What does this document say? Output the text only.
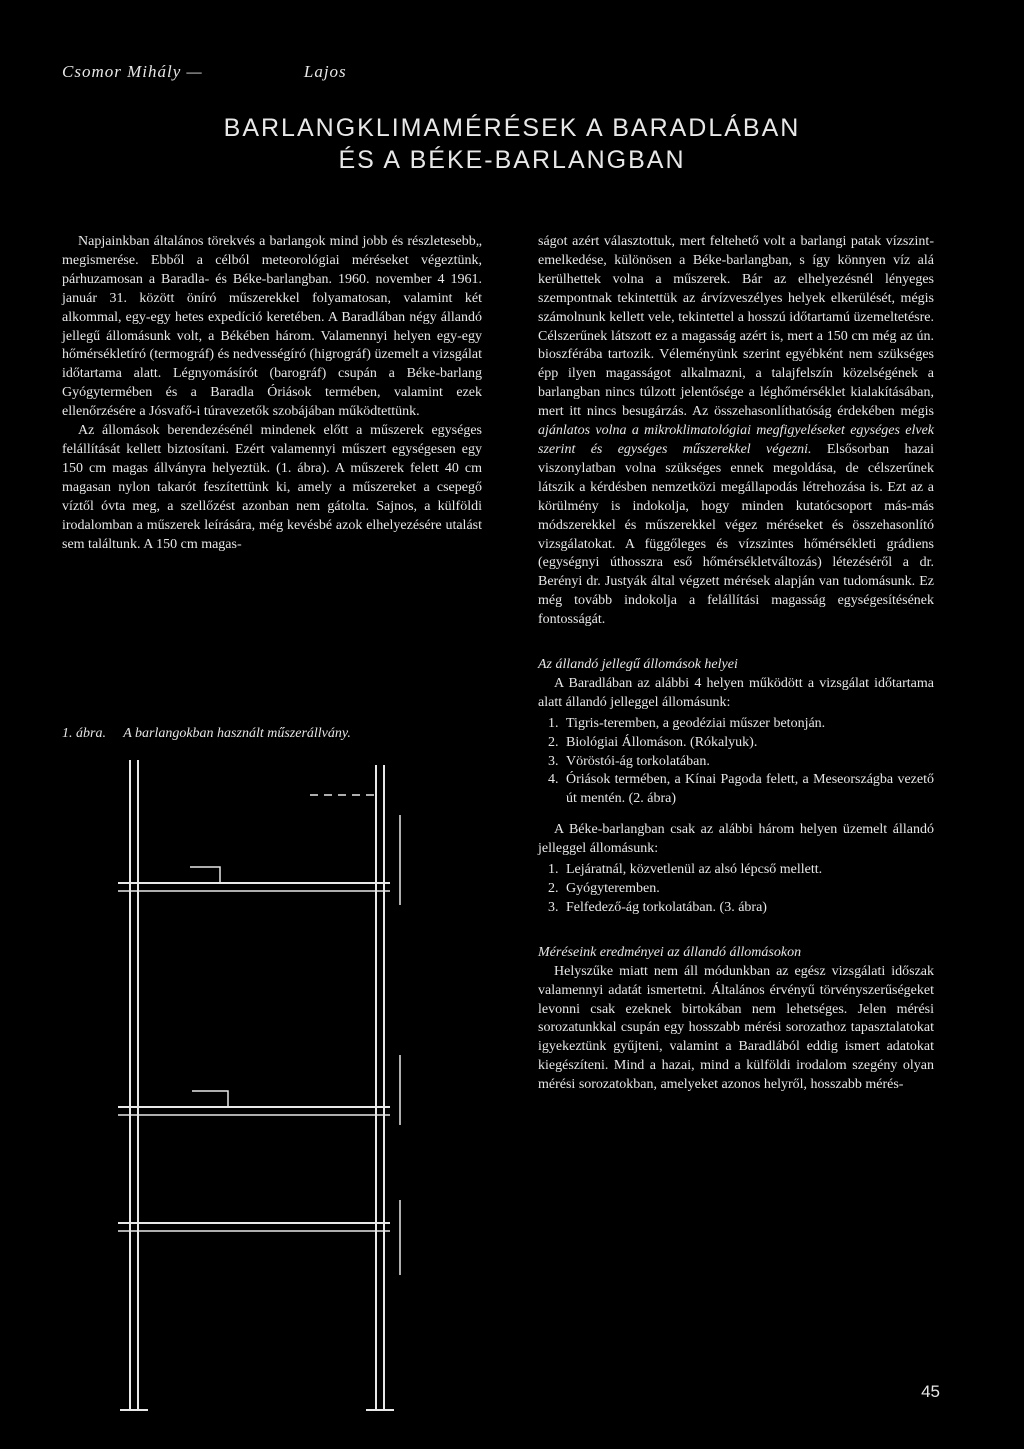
Csomor Mihály —	Lajos
BARLANGKLIMAMÉRÉSEK A BARADLÁBAN
ÉS A BÉKE-BARLANGBAN

Napjainkban általános törekvés a barlangok mind jobb és részletesebb„ megismerése. Ebből a célból meteorológiai méréseket végeztünk, párhuzamosan a Baradla- és Béke-barlangban. 1960. november 4 1961. január 31. között öníró műszerekkel folyamatosan, valamint két alkommal, egy-egy hetes expedíció keretében. A Baradlában négy állandó jellegű állomásunk volt, a Békében három. Valamennyi helyen egy-egy hőmérsékletíró (termográf) és nedvességíró (higrográf) üzemelt a vizsgálat időtartama alatt. Légnyomásírót (barográf) csupán a Béke-barlang Gyógytermében és a Baradla Óriások termében, valamint ezek ellenőrzésére a Jósvafő-i túravezetők szobájában működtettünk.

Az állomások berendezésénél mindenek előtt a műszerek egységes felállítását kellett biztosítani. Ezért valamennyi műszert egységesen egy 150 cm magas állványra helyeztük. (1. ábra). A műszerek felett 40 cm magasan nylon takarót feszítettünk ki, amely a műszereket a csepegő víztől óvta meg, a szellőzést azonban nem gátolta. Sajnos, a külföldi irodalomban a műszerek leírására, még kevésbé azok elhelyezésére utalást sem találtunk. A 150 cm magas-

1. ábra. A barlangokban használt műszerállvány.

ságot azért választottuk, mert feltehető volt a barlangi patak vízszint-emelkedése, különösen a Béke-barlangban, s így könnyen víz alá kerülhettek volna a műszerek. Bár az elhelyezésnél lényeges szempontnak tekintettük az árvízveszélyes helyek elkerülését, mégis számolnunk kellett vele, tekintettel a hosszú időtartamú üzemeltetésre. Célszerűnek látszott ez a magasság azért is, mert a 150 cm még az ún. bioszférába tartozik. Véleményünk szerint egyébként nem szükséges épp ilyen magasságot alkalmazni, a talajfelszín közelségének a barlangban nincs túlzott jelentősége a léghőmérséklet kialakításában, mert itt nincs besugárzás. Az összehasonlíthatóság érdekében mégis ajánlatos volna a mikroklimatológiai megfigyeléseket egységes elvek szerint és egységes műszerekkel végezni. Elsősorban hazai viszonylatban volna szükséges ennek megoldása, de célszerűnek látszik a kérdésben nemzetközi megállapodás létrehozása is. Ezt az a körülmény is indokolja, hogy minden kutatócsoport más-más módszerekkel és műszerekkel végez méréseket és összehasonlító vizsgálatokat. A függőleges és vízszintes hőmérsékleti grádiens (egységnyi úthosszra eső hőmérsékletváltozás) létezéséről a dr. Berényi dr. Justyák által végzett mérések alapján van tudomásunk. Ez még tovább indokolja a felállítási magasság egységesítésének fontosságát.

Az állandó jellegű állomások helyei

A Baradlában az alábbi 4 helyen működött a vizsgálat időtartama alatt állandó jelleggel állomásunk:

1. Tigris-teremben, a geodéziai műszer betonján.
2. Biológiai Állomáson. (Rókalyuk).
3. Vöröstói-ág torkolatában.
4. Óriások termében, a Kínai Pagoda felett, a Meseországba vezető út mentén. (2. ábra)

A Béke-barlangban csak az alábbi három helyen üzemelt állandó jelleggel állomásunk:

1. Lejáratnál, közvetlenül az alsó lépcső mellett.
2. Gyógyteremben.
3. Felfedező-ág torkolatában. (3. ábra)
Méréseink eredményei az állandó állomásokon

Helyszűke miatt nem áll módunkban az egész vizsgálati időszak valamennyi adatát ismertetni. Általános érvényű törvényszerűségeket levonni csak ezeknek birtokában nem lehetséges. Jelen mérési sorozatunkkal csupán egy hosszabb mérési sorozathoz tapasztalatokat igyekeztünk gyűjteni, valamint a Baradlából eddig ismert adatokat kiegészíteni. Mind a hazai, mind a külföldi irodalom szegény olyan mérési sorozatokban, amelyeket azonos helyről, hosszabb mérés-

45
